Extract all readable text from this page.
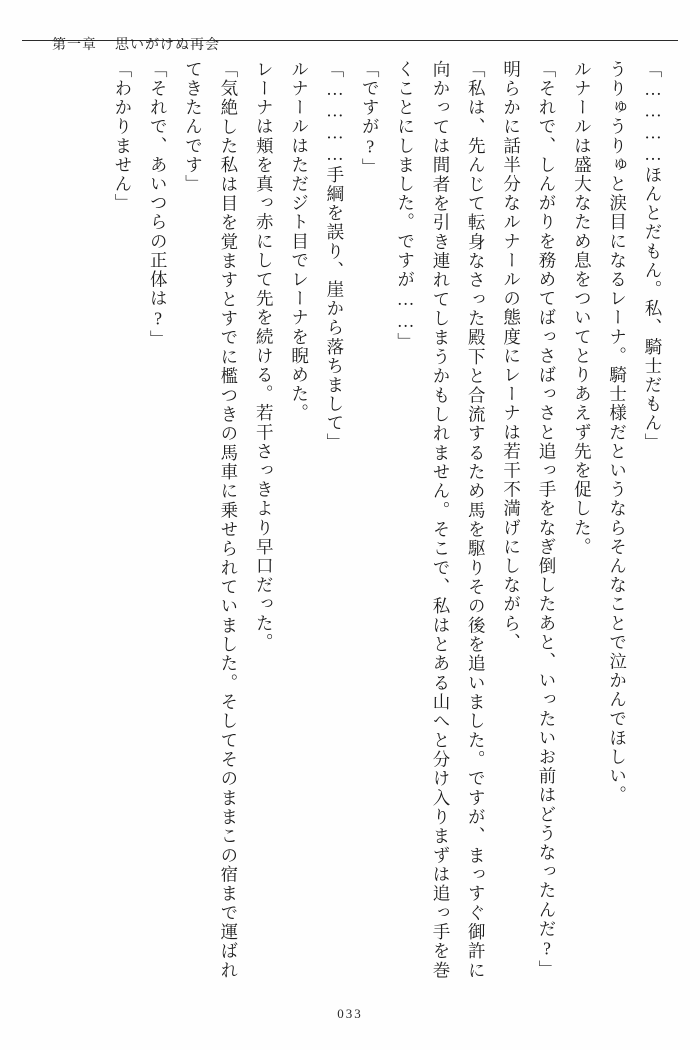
第一章 思いがけぬ再会

「…………ほんとだもん。私、騎士だもん」

うりゅうりゅと涙目になるレーナ。騎士様だというならそんなことで泣かんでほしい。

ルナールは盛大なため息をついてとりあえず先を促した。

「それで、しんがりを務めてばっさばっさと追っ手をなぎ倒したあと、いったいお前はどうなったんだ?」

明らかに話半分なルナールの態度にレーナは若干不満げにしながら、

「私は、先んじて転身なさった殿下と合流するため馬を駆りその後を追いました。ですが、まっすぐ御許に向かっては間者を引き連れてしまうかもしれません。そこで、私はとある山へと分け入りまずは追っ手を巻くことにしました。ですが……」

「ですが?」

「…………手綱を誤り、崖から落ちまして」

ルナールはただジト目でレーナを睨めた。

レーナは頬を真っ赤にして先を続ける。若干さっきより早口だった。

「気絶した私は目を覚ますとすでに檻つきの馬車に乗せられていました。そしてそのままこの宿まで運ばれてきたんです」

「それで、あいつらの正体は?」

「わかりません」

033
